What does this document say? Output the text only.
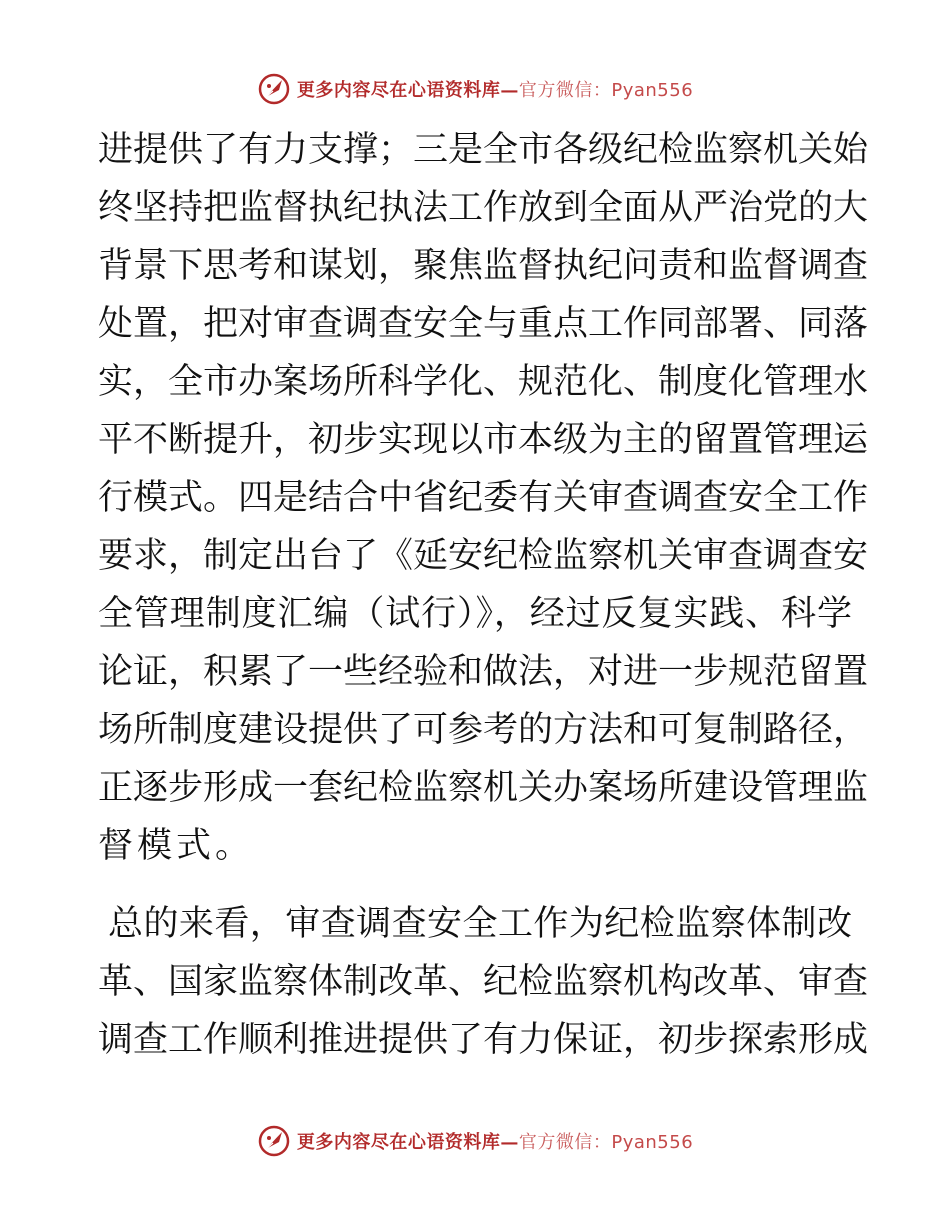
更多内容尽在心语资料库—官方微信：Pyan556
进提供了有力支撑；三是全市各级纪检监察机关始
终坚持把监督执纪执法工作放到全面从严治党的大
背景下思考和谋划，聚焦监督执纪问责和监督调查
处置，把对审查调查安全与重点工作同部署、同落
实，全市办案场所科学化、规范化、制度化管理水
平不断提升，初步实现以市本级为主的留置管理运
行模式。四是结合中省纪委有关审查调查安全工作
要求，制定出台了《延安纪检监察机关审查调查安
全管理制度汇编（试行）》，经过反复实践、科学
论证，积累了一些经验和做法，对进一步规范留置
场所制度建设提供了可参考的方法和可复制路径，
正逐步形成一套纪检监察机关办案场所建设管理监
督模式。
总的来看，审查调查安全工作为纪检监察体制改
革、国家监察体制改革、纪检监察机构改革、审查
调查工作顺利推进提供了有力保证，初步探索形成
更多内容尽在心语资料库—官方微信：Pyan556
